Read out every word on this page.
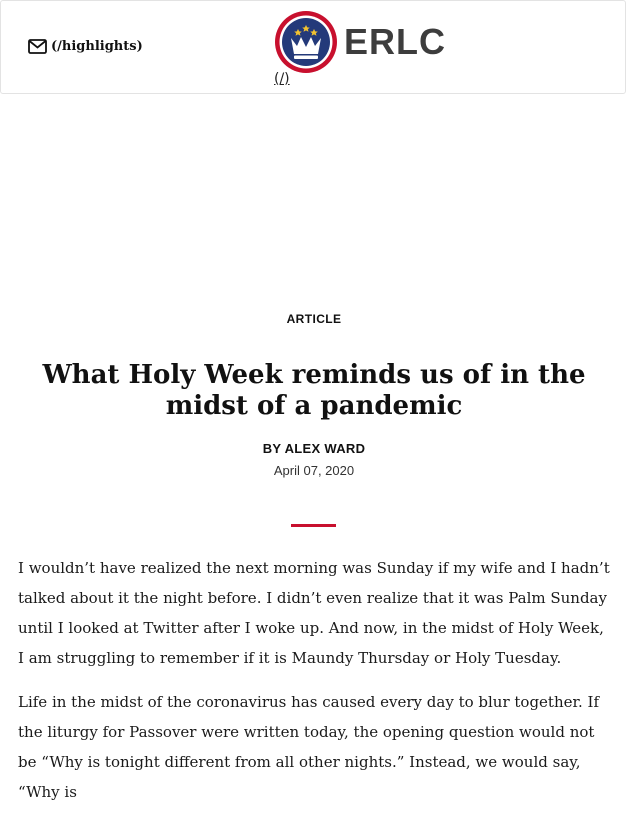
(/highlights)	ERLC
(/)
ARTICLE
What Holy Week reminds us of in the midst of a pandemic
BY ALEX WARD
April 07, 2020

I wouldn’t have realized the next morning was Sunday if my wife and I hadn’t talked about it the night before. I didn’t even realize that it was Palm Sunday until I looked at Twitter after I woke up. And now, in the midst of Holy Week, I am struggling to remember if it is Maundy Thursday or Holy Tuesday.

Life in the midst of the coronavirus has caused every day to blur together. If the liturgy for Passover were written today, the opening question would not be “Why is tonight different from all other nights.” Instead, we would say, “Why is
